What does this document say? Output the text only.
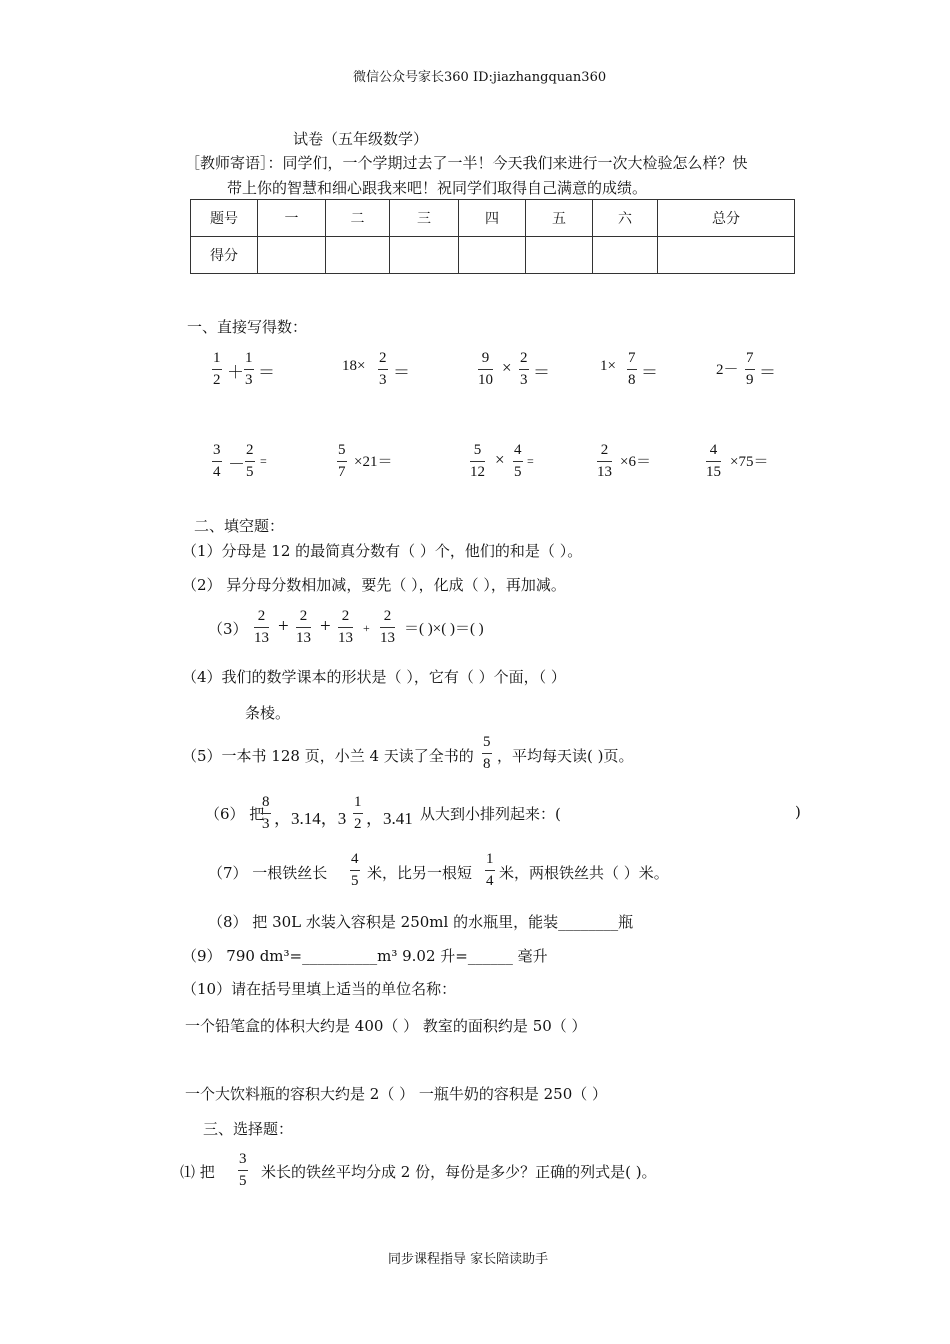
微信公众号家长360 ID:jiazhangquan360
试卷（五年级数学）
［教师寄语］：同学们，一个学期过去了一半！今天我们来进行一次大检验怎么样？快
带上你的智慧和细心跟我来吧！祝同学们取得自己满意的成绩。
题号	一	二	三	四	五	六	总分
得分							
一、直接写得数：
1
2 ＋
1
3 ＝	18× 2
3 ＝
9
10
× 2
3 ＝	1× 7
8 ＝	2－
7
9 ＝
3
4 －
2
5
=
5
7
×21＝
5
12
× 4
5
=
2
13
×6＝
4
15
×75＝
二、填空题：
（1）分母是 12 的最简真分数有（ ）个，他们的和是（ ）。
（2） 异分母分数相加减，要先（ ），化成（ ），再加减。
（3）
2
13
+ 2
13
+ 2
13
+
2
13
＝( )×( )＝( )
（4）我们的数学课本的形状是（ ），它有（ ）个面，（ ）
条棱。
（5）一本书 128 页，小兰 4 天读了全书的
5
8 ，平均每天读( )页。
（6） 把
8
3 ，3.14，3
1
2 ，3.41 从大到小排列起来：(	)
（7） 一根铁丝长
4
5 米，比另一根短
1
4 米，两根铁丝共（ ）米。
（8） 把 30L 水装入容积是 250ml 的水瓶里，能装________瓶
（9） 790 dm³=__________m³ 9.02 升=______ 毫升
（10）请在括号里填上适当的单位名称：
一个铅笔盒的体积大约是 400（ ） 教室的面积约是 50（ ）
一个大饮料瓶的容积大约是 2（ ） 一瓶牛奶的容积是 250（ ）
三、选择题：
⑴ 把
3
5 米长的铁丝平均分成 2 份，每份是多少？正确的列式是( )。
同步课程指导 家长陪读助手
